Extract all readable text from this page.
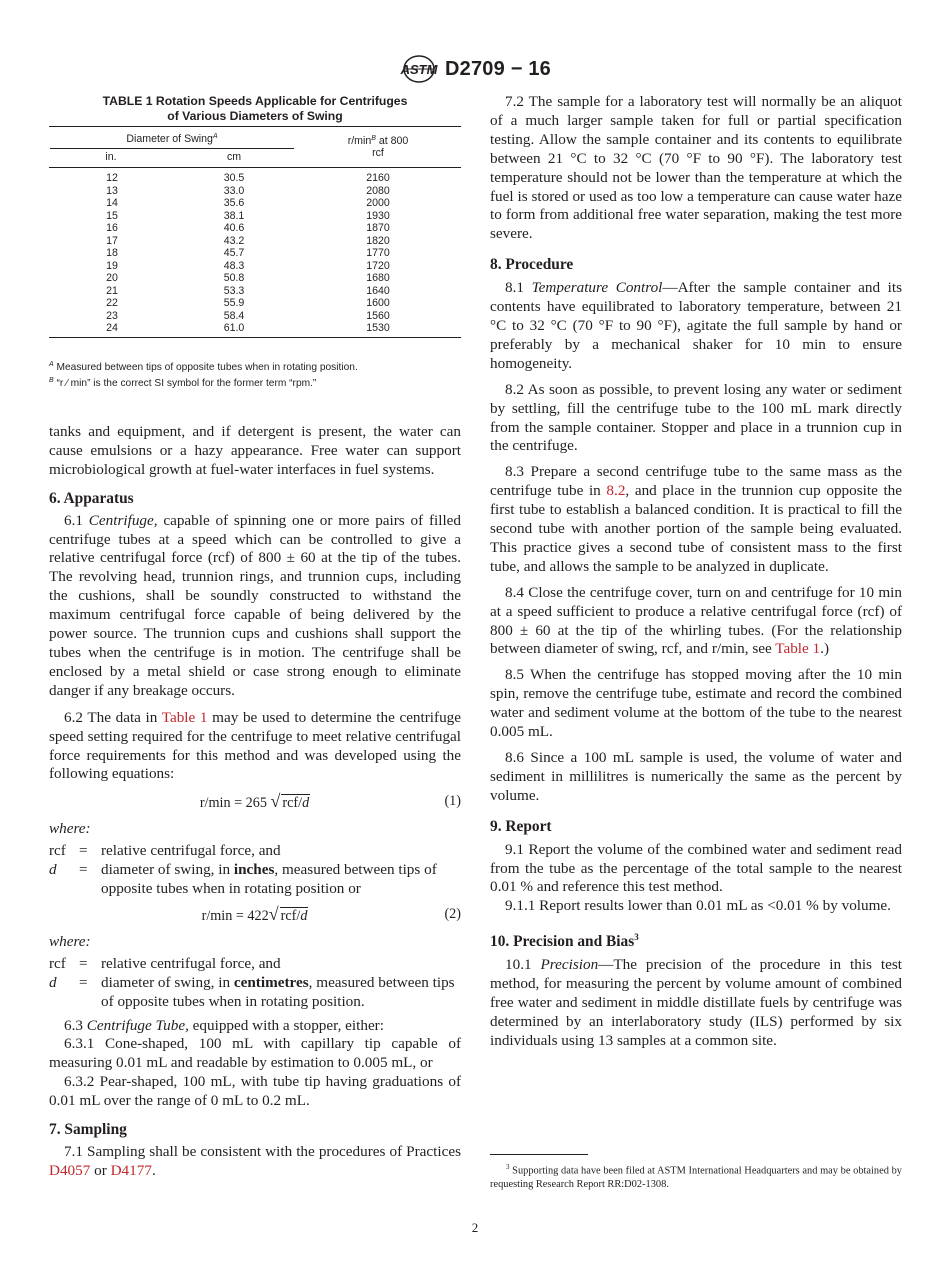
ASTM D2709 − 16
TABLE 1 Rotation Speeds Applicable for Centrifuges
of Various Diameters of Swing
Diameter of Swing$^A$		$r/\min^B$ at 800
rcf
in.	cm	

12	30.5	2160
13	33.0	2080
14	35.6	2000
15	38.1	1930
16	40.6	1870
17	43.2	1820
18	45.7	1770
19	48.3	1720
20	50.8	1680
21	53.3	1640
22	55.9	1600
23	58.4	1560
24	61.0	1530
$^A$ Measured between tips of opposite tubes when in rotating position.
$^B$ “r ⁄ min” is the correct SI symbol for the former term “rpm.”

tanks and equipment, and if detergent is present, the water can cause emulsions or a hazy appearance. Free water can support microbiological growth at fuel-water interfaces in fuel systems.

6. Apparatus

6.1 Centrifuge, capable of spinning one or more pairs of filled centrifuge tubes at a speed which can be controlled to give a relative centrifugal force (rcf) of 800 ± 60 at the tip of the tubes. The revolving head, trunnion rings, and trunnion cups, including the cushions, shall be soundly constructed to withstand the maximum centrifugal force capable of being delivered by the power source. The trunnion cups and cushions shall support the tubes when the centrifuge is in motion. The centrifuge shall be enclosed by a metal shield or case strong enough to eliminate danger if any breakage occurs.

6.2 The data in Table 1 may be used to determine the centrifuge speed setting required for the centrifuge to meet relative centrifugal force requirements for this method and was developed using the following equations:

r/min = 265 √ rcf/d	(1)

where:

rcf = relative centrifugal force, and
d	= diameter of swing, in inches, measured between tips of opposite tubes when in rotating position or
r/min = 422√ rcf/d	(2)

where:

rcf = relative centrifugal force, and
d	= diameter of swing, in centimetres, measured between tips of opposite tubes when in rotating position.

6.3 Centrifuge Tube, equipped with a stopper, either:

6.3.1 Cone-shaped, 100 mL with capillary tip capable of measuring 0.01 mL and readable by estimation to 0.005 mL, or

6.3.2 Pear-shaped, 100 mL, with tube tip having graduations of 0.01 mL over the range of 0 mL to 0.2 mL.

7. Sampling

7.1 Sampling shall be consistent with the procedures of Practices D4057 or D4177.

7.2 The sample for a laboratory test will normally be an aliquot of a much larger sample taken for full or partial specification testing. Allow the sample container and its contents to equilibrate between 21 °C to 32 °C (70 °F to 90 °F). The laboratory test temperature should not be lower than the temperature at which the fuel is stored or used as too low a temperature can cause water haze to form from additional free water separation, making the test more severe.

8. Procedure

8.1 Temperature Control—After the sample container and its contents have equilibrated to laboratory temperature, between 21 °C to 32 °C (70 °F to 90 °F), agitate the full sample by hand or preferably by a mechanical shaker for 10 min to ensure homogeneity.

8.2 As soon as possible, to prevent losing any water or sediment by settling, fill the centrifuge tube to the 100 mL mark directly from the sample container. Stopper and place in a trunnion cup in the centrifuge.

8.3 Prepare a second centrifuge tube to the same mass as the centrifuge tube in 8.2, and place in the trunnion cup opposite the first tube to establish a balanced condition. It is practical to fill the second tube with another portion of the sample being evaluated. This practice gives a second tube of consistent mass to the first tube, and allows the sample to be analyzed in duplicate.

8.4 Close the centrifuge cover, turn on and centrifuge for 10 min at a speed sufficient to produce a relative centrifugal force (rcf) of 800 ± 60 at the tip of the whirling tubes. (For the relationship between diameter of swing, rcf, and r/min, see Table 1.)

8.5 When the centrifuge has stopped moving after the 10 min spin, remove the centrifuge tube, estimate and record the combined water and sediment volume at the bottom of the tube to the nearest 0.005 mL.

8.6 Since a 100 mL sample is used, the volume of water and sediment in millilitres is numerically the same as the percent by volume.

9. Report

9.1 Report the volume of the combined water and sediment read from the tube as the percentage of the total sample to the nearest 0.01 % and reference this test method.

9.1.1 Report results lower than 0.01 mL as <0.01 % by volume.

10. Precision and Bias$^3$

10.1 Precision—The precision of the procedure in this test method, for measuring the percent by volume amount of combined free water and sediment in middle distillate fuels by centrifuge was determined by an interlaboratory study (ILS) performed by six individuals using 13 samples at a common site.

$^3$ Supporting data have been filed at ASTM International Headquarters and may be obtained by requesting Research Report RR:D02-1308.
2
